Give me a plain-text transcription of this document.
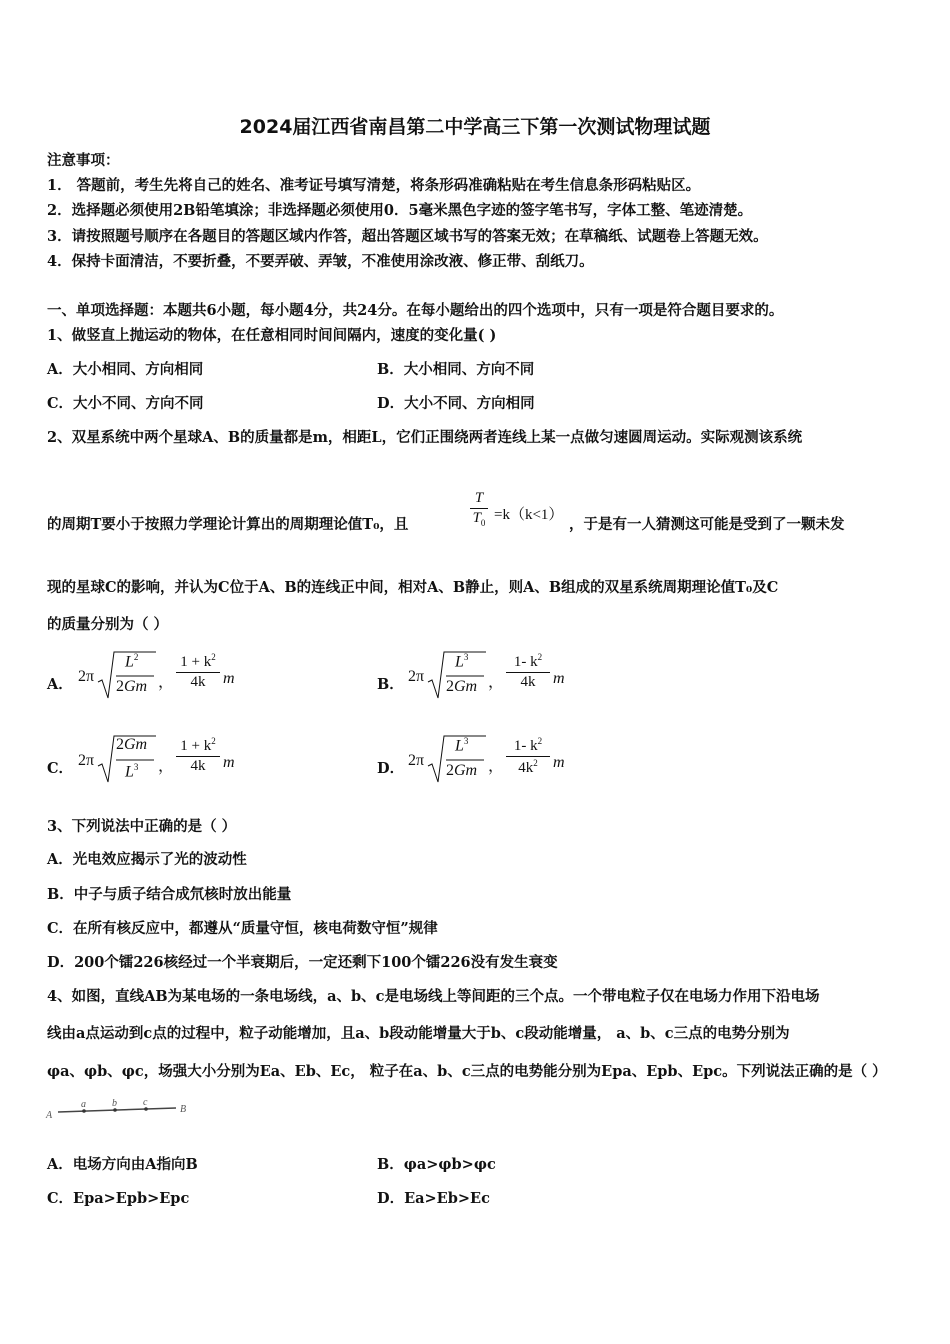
2024届江西省南昌第二中学高三下第一次测试物理试题
注意事项：
1． 答题前，考生先将自己的姓名、准考证号填写清楚，将条形码准确粘贴在考生信息条形码粘贴区。
2．选择题必须使用2B铅笔填涂；非选择题必须使用0．5毫米黑色字迹的签字笔书写，字体工整、笔迹清楚。
3．请按照题号顺序在各题目的答题区域内作答，超出答题区域书写的答案无效；在草稿纸、试题卷上答题无效。
4．保持卡面清洁，不要折叠，不要弄破、弄皱，不准使用涂改液、修正带、刮纸刀。
一、单项选择题：本题共6小题，每小题4分，共24分。在每小题给出的四个选项中，只有一项是符合题目要求的。
1、做竖直上抛运动的物体，在任意相同时间间隔内，速度的变化量( )
A．大小相同、方向相同	B．大小相同、方向不同
C．大小不同、方向不同	D．大小不同、方向相同
2、双星系统中两个星球A、B的质量都是m，相距L，它们正围绕两者连线上某一点做匀速圆周运动。实际观测该系统
的周期T要小于按照力学理论计算出的周期理论值T₀，且
T
$T_0 =k(k<1)$
，于是有一人猜测这可能是受到了一颗未发
现的星球C的影响，并认为C位于A、B的连线正中间，相对A、B静止，则A、B组成的双星系统周期理论值T₀及C
的质量分别为（ ）
A． 2π
$L^2$
2Gm ，
$1 + k^2$
4k	m	B． 2π
$L^3$
2Gm ，
1- $k^2$
4k	m
C． 2π
2Gm
$L^3$ ，
$1 + k^2$
4k	m	D． 2π
$L^3$
2Gm ，
1- $k^2$
$4k^2$ m
3、下列说法中正确的是（ ）
A．光电效应揭示了光的波动性
B．中子与质子结合成氘核时放出能量
C．在所有核反应中，都遵从“质量守恒，核电荷数守恒”规律
D．200个镭226核经过一个半衰期后，一定还剩下100个镭226没有发生衰变
4、如图，直线AB为某电场的一条电场线，a、b、c是电场线上等间距的三个点。一个带电粒子仅在电场力作用下沿电场
线由a点运动到c点的过程中，粒子动能增加，且a、b段动能增量大于b、c段动能增量， a、b、c三点的电势分别为
φa、φb、φc，场强大小分别为Ea、Eb、Ec， 粒子在a、b、c三点的电势能分别为Epa、Epb、Epc。下列说法正确的是（ ）
A
a	b	c
B
A．电场方向由A指向B	B．φa>φb>φc
C．Epa>Epb>Epc	D．Ea>Eb>Ec
